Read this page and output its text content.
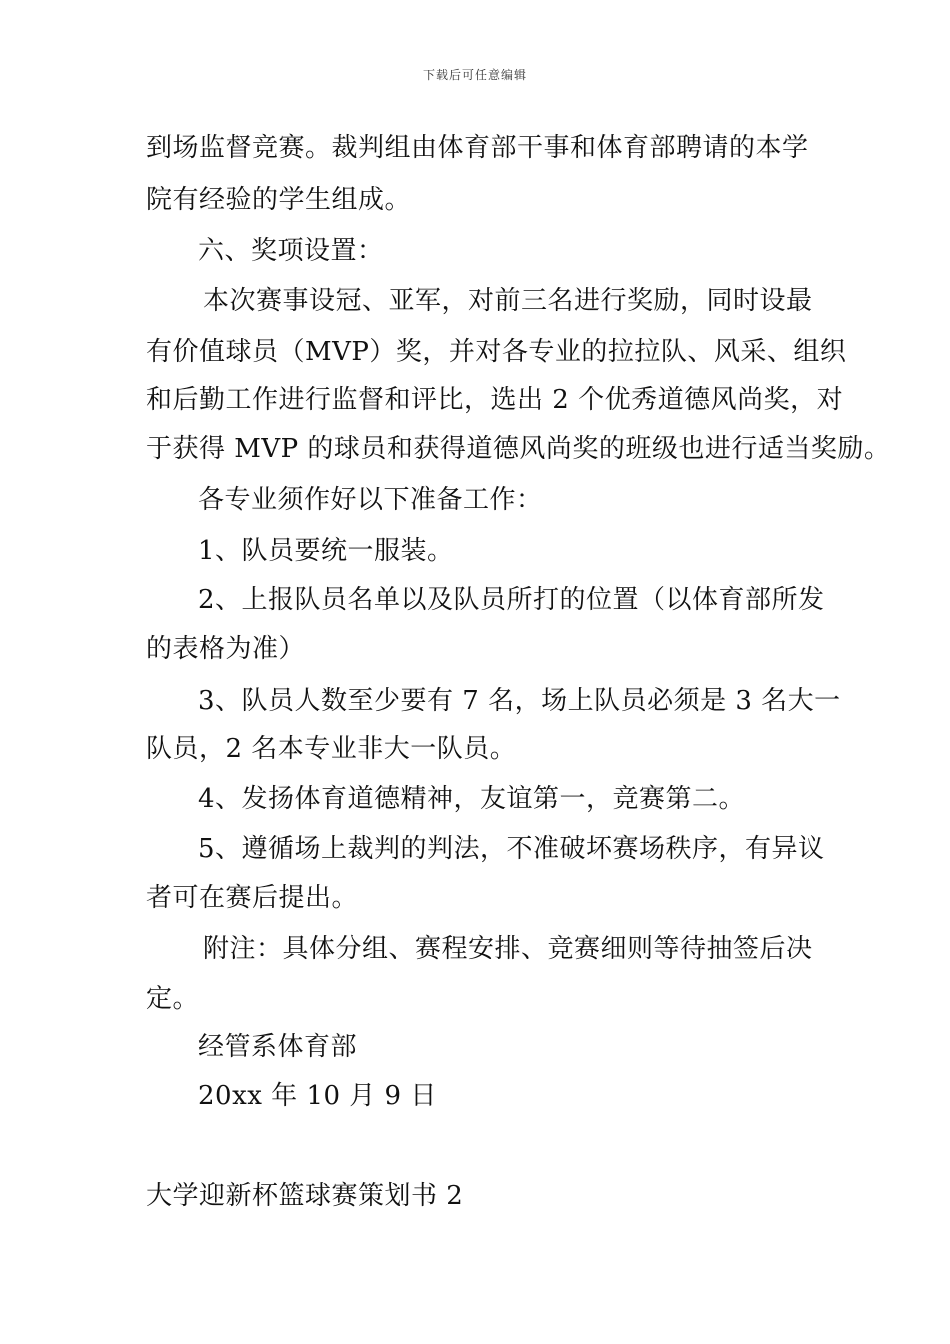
下载后可任意编辑
到场监督竞赛。裁判组由体育部干事和体育部聘请的本学
院有经验的学生组成。
六、奖项设置：
本次赛事设冠、亚军，对前三名进行奖励，同时设最
有价值球员（MVP）奖，并对各专业的拉拉队、风采、组织
和后勤工作进行监督和评比，选出 2 个优秀道德风尚奖，对
于获得 MVP 的球员和获得道德风尚奖的班级也进行适当奖励。
各专业须作好以下准备工作：
1、队员要统一服装。
2、上报队员名单以及队员所打的位置（以体育部所发
的表格为准）
3、队员人数至少要有 7 名，场上队员必须是 3 名大一
队员，2 名本专业非大一队员。
4、发扬体育道德精神，友谊第一，竞赛第二。
5、遵循场上裁判的判法，不准破坏赛场秩序，有异议
者可在赛后提出。
附注：具体分组、赛程安排、竞赛细则等待抽签后决
定。
经管系体育部
20xx 年 10 月 9 日
大学迎新杯篮球赛策划书 2
